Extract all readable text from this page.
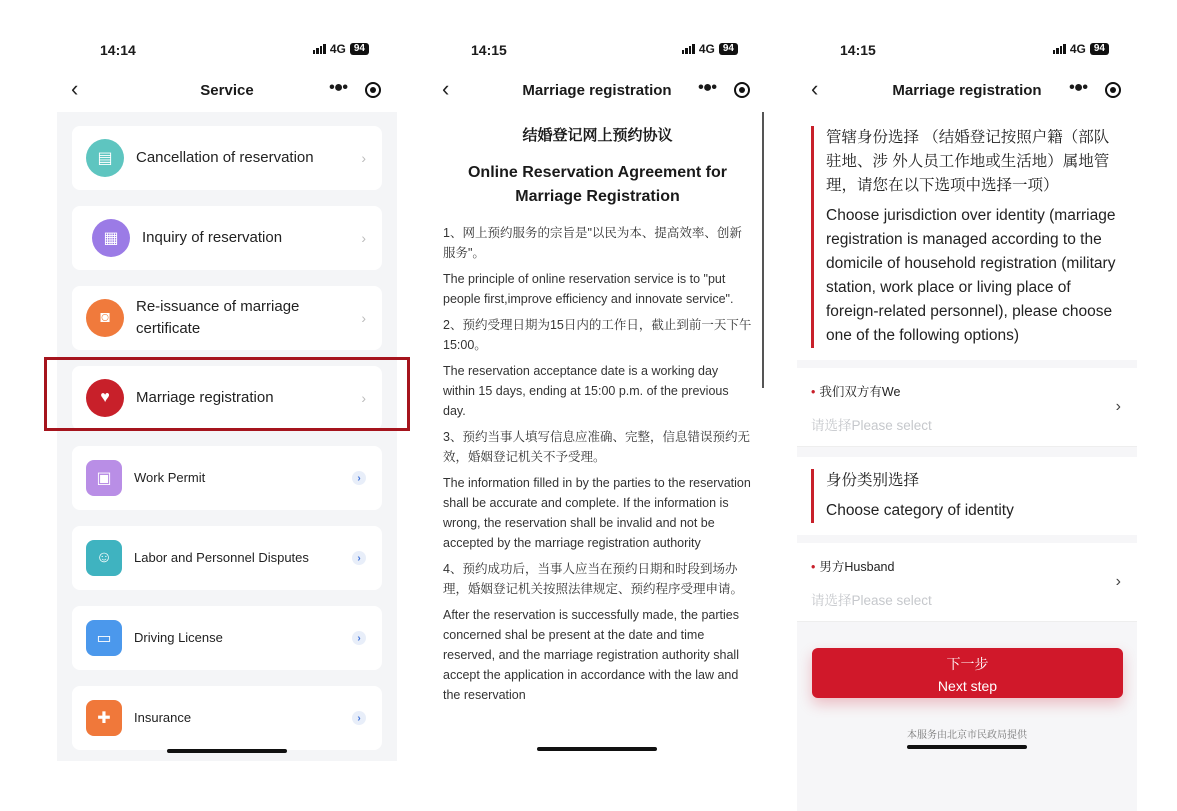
14:14	4G 94
‹	Service	•●•
▤	Cancellation of reservation	›
▦	Inquiry of reservation	›
◙
Re-issuance of marriage certificate
›
♥	Marriage registration	›
▣	Work Permit	›
☺	Labor and Personnel Disputes	›
▭	Driving License	›
✚	Insurance	›
14:15	4G 94
‹	Marriage registration	•●•
结婚登记网上预约协议
Online Reservation Agreement for Marriage Registration

1、网上预约服务的宗旨是"以民为本、提高效率、创新服务"。

The principle of online reservation service is to "put people first,improve efficiency and innovate service".

2、预约受理日期为15日内的工作日，截止到前一天下午15:00。

The reservation acceptance date is a working day within 15 days, ending at 15:00 p.m. of the previous day.

3、预约当事人填写信息应准确、完整，信息错误预约无效，婚姻登记机关不予受理。

The information filled in by the parties to the reservation shall be accurate and complete. If the information is wrong, the reservation shall be invalid and not be accepted by the marriage registration authority

4、预约成功后，当事人应当在预约日期和时段到场办理，婚姻登记机关按照法律规定、预约程序受理申请。

After the reservation is successfully made, the parties concerned shal be present at the date and time reserved, and the marriage registration authority shall accept the application in accordance with the law and the reservation

14:15	4G 94
‹	Marriage registration	•●•
管辖身份选择 （结婚登记按照户籍（部队驻地、涉 外人员工作地或生活地）属地管理，请您在以下选项中选择一项）
Choose jurisdiction over identity (marriage registration is managed according to the domicile of household registration (military station, work place or living place of foreign-related personnel), please choose one of the following options)
• 我们双方有We
请选择Please select
›
身份类别选择
Choose category of identity
• 男方Husband
请选择Please select
›
下一步
Next step
本服务由北京市民政局提供
